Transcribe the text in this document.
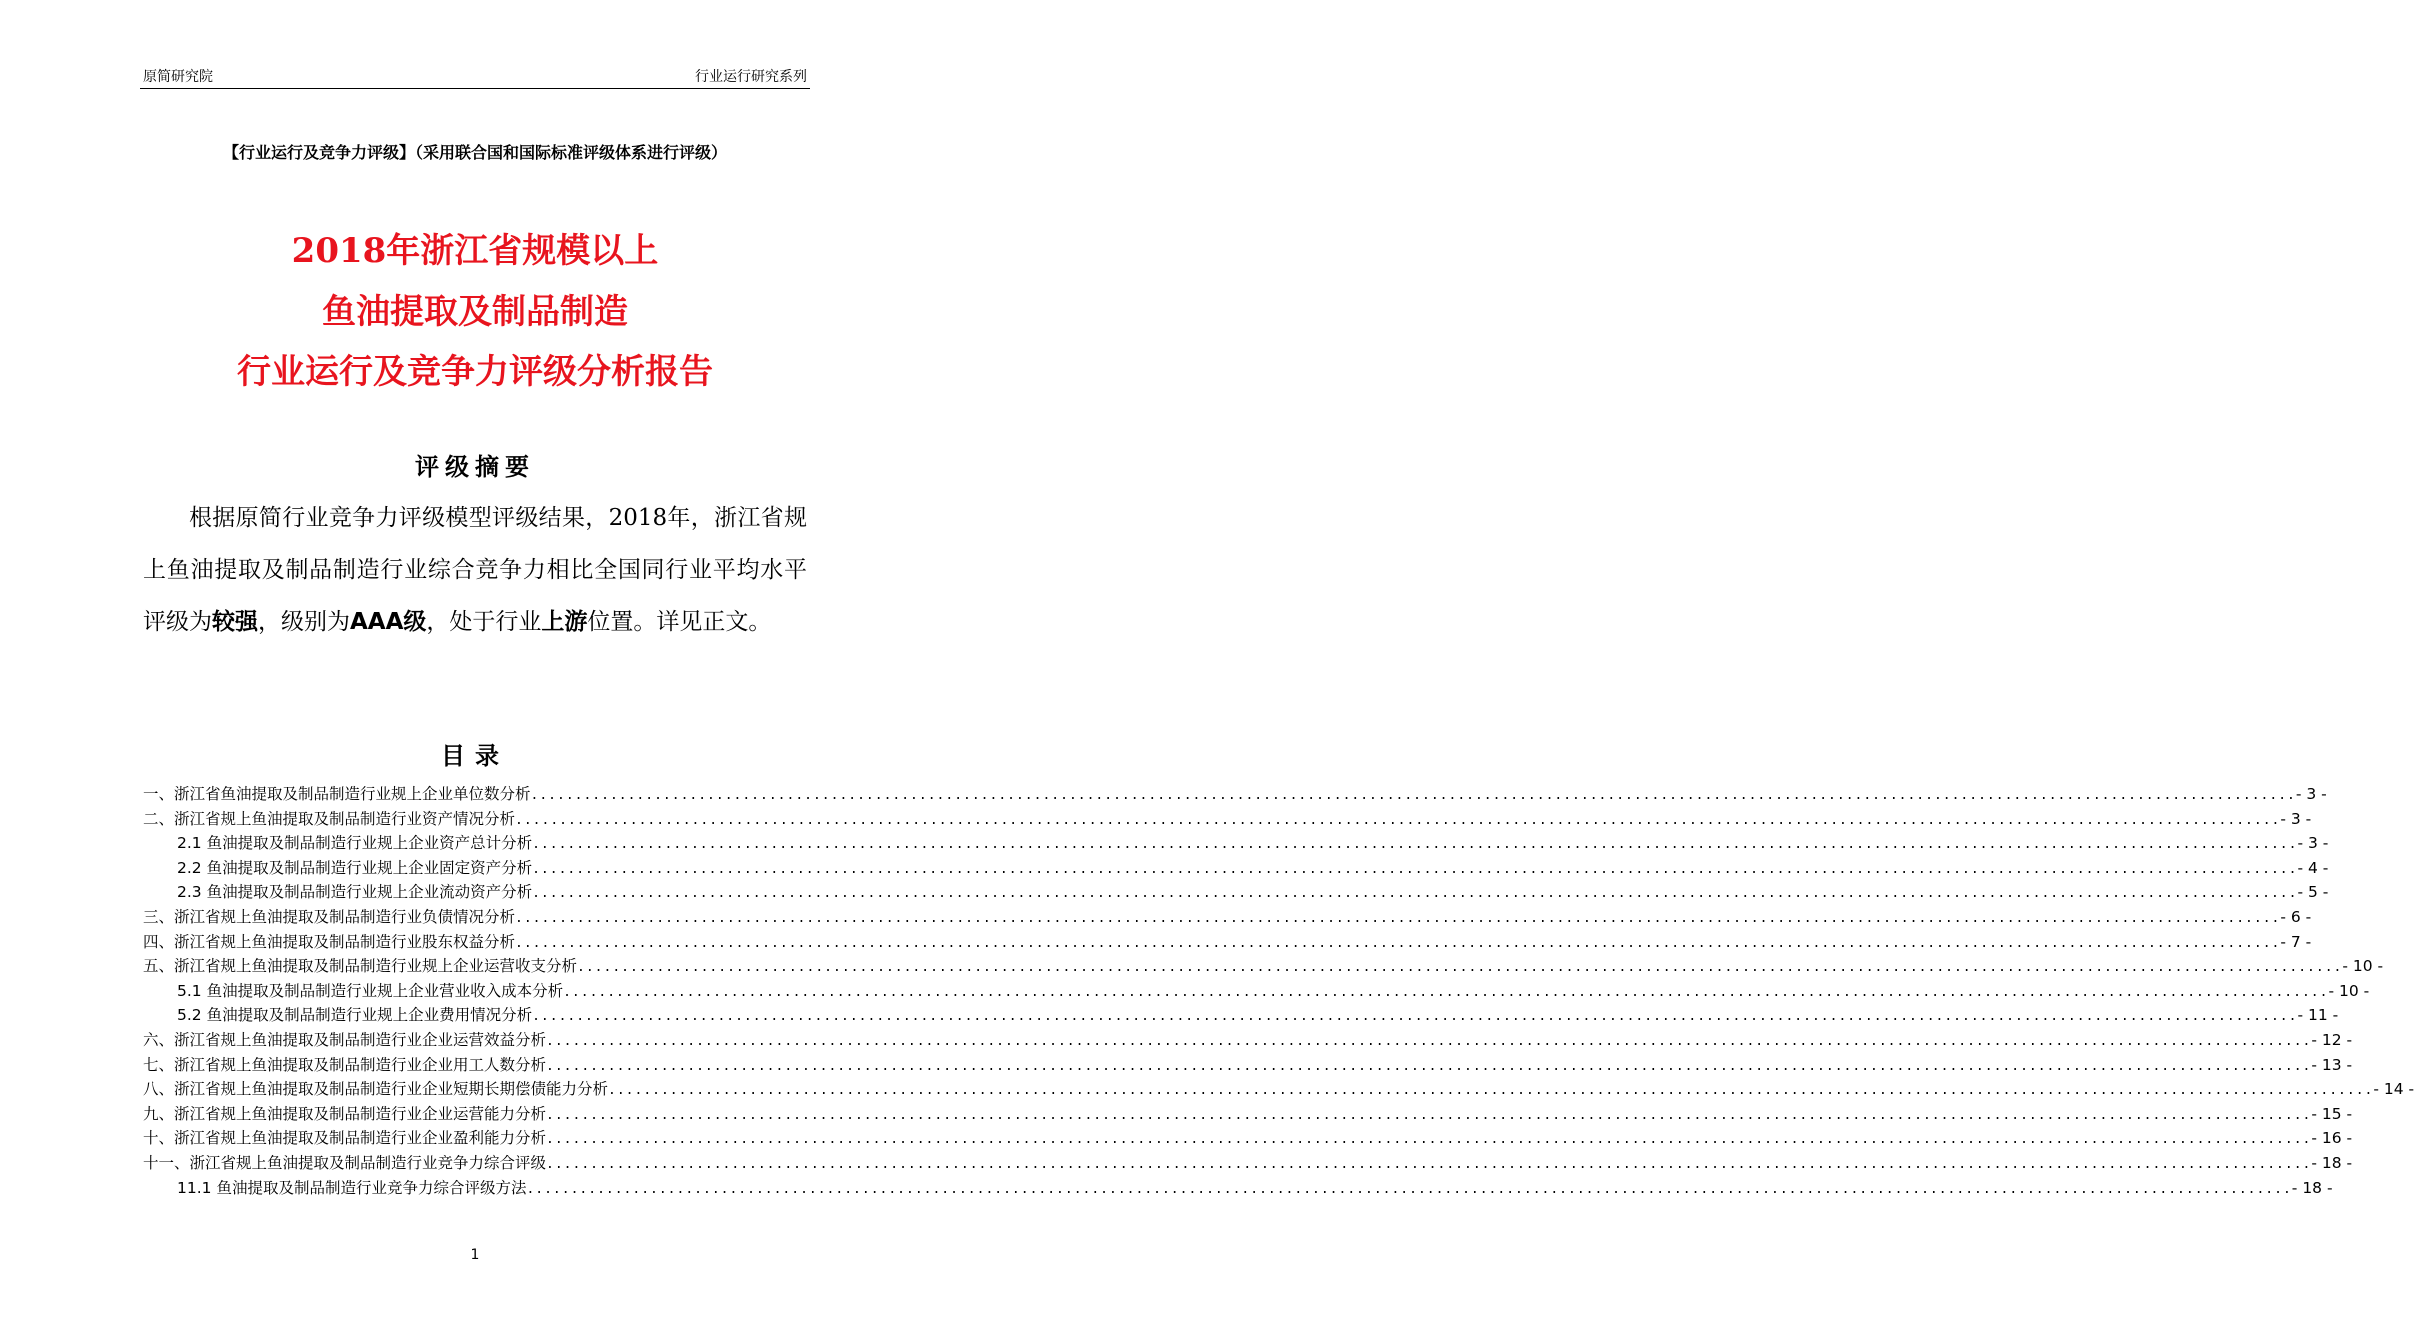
原简研究院	行业运行研究系列
【行业运行及竞争力评级】（采用联合国和国际标准评级体系进行评级）
2018年浙江省规模以上
鱼油提取及制品制造
行业运行及竞争力评级分析报告
评级摘要
根据原简行业竞争力评级模型评级结果，2018年，浙江省规上鱼油提取及制品制造行业综合竞争力相比全国同行业平均水平评级为较强，级别为AAA级，处于行业上游位置。详见正文。
目录
一、浙江省鱼油提取及制品制造行业规上企业单位数分析 ........................................................................................................................................................................................................ - 3 -
二、浙江省规上鱼油提取及制品制造行业资产情况分析 ........................................................................................................................................................................................................ - 3 -
2.1 鱼油提取及制品制造行业规上企业资产总计分析 ........................................................................................................................................................................................................ - 3 -
2.2 鱼油提取及制品制造行业规上企业固定资产分析 ........................................................................................................................................................................................................ - 4 -
2.3 鱼油提取及制品制造行业规上企业流动资产分析 ........................................................................................................................................................................................................ - 5 -
三、浙江省规上鱼油提取及制品制造行业负债情况分析 ........................................................................................................................................................................................................ - 6 -
四、浙江省规上鱼油提取及制品制造行业股东权益分析 ........................................................................................................................................................................................................ - 7 -
五、浙江省规上鱼油提取及制品制造行业规上企业运营收支分析 ........................................................................................................................................................................................................ - 10 -
5.1 鱼油提取及制品制造行业规上企业营业收入成本分析 ........................................................................................................................................................................................................ - 10 -
5.2 鱼油提取及制品制造行业规上企业费用情况分析 ........................................................................................................................................................................................................ - 11 -
六、浙江省规上鱼油提取及制品制造行业企业运营效益分析 ........................................................................................................................................................................................................ - 12 -
七、浙江省规上鱼油提取及制品制造行业企业用工人数分析 ........................................................................................................................................................................................................ - 13 -
八、浙江省规上鱼油提取及制品制造行业企业短期长期偿债能力分析 ........................................................................................................................................................................................................ - 14 -
九、浙江省规上鱼油提取及制品制造行业企业运营能力分析 ........................................................................................................................................................................................................ - 15 -
十、浙江省规上鱼油提取及制品制造行业企业盈利能力分析 ........................................................................................................................................................................................................ - 16 -
十一、浙江省规上鱼油提取及制品制造行业竞争力综合评级 ........................................................................................................................................................................................................ - 18 -
11.1 鱼油提取及制品制造行业竞争力综合评级方法 ........................................................................................................................................................................................................ - 18 -
1
